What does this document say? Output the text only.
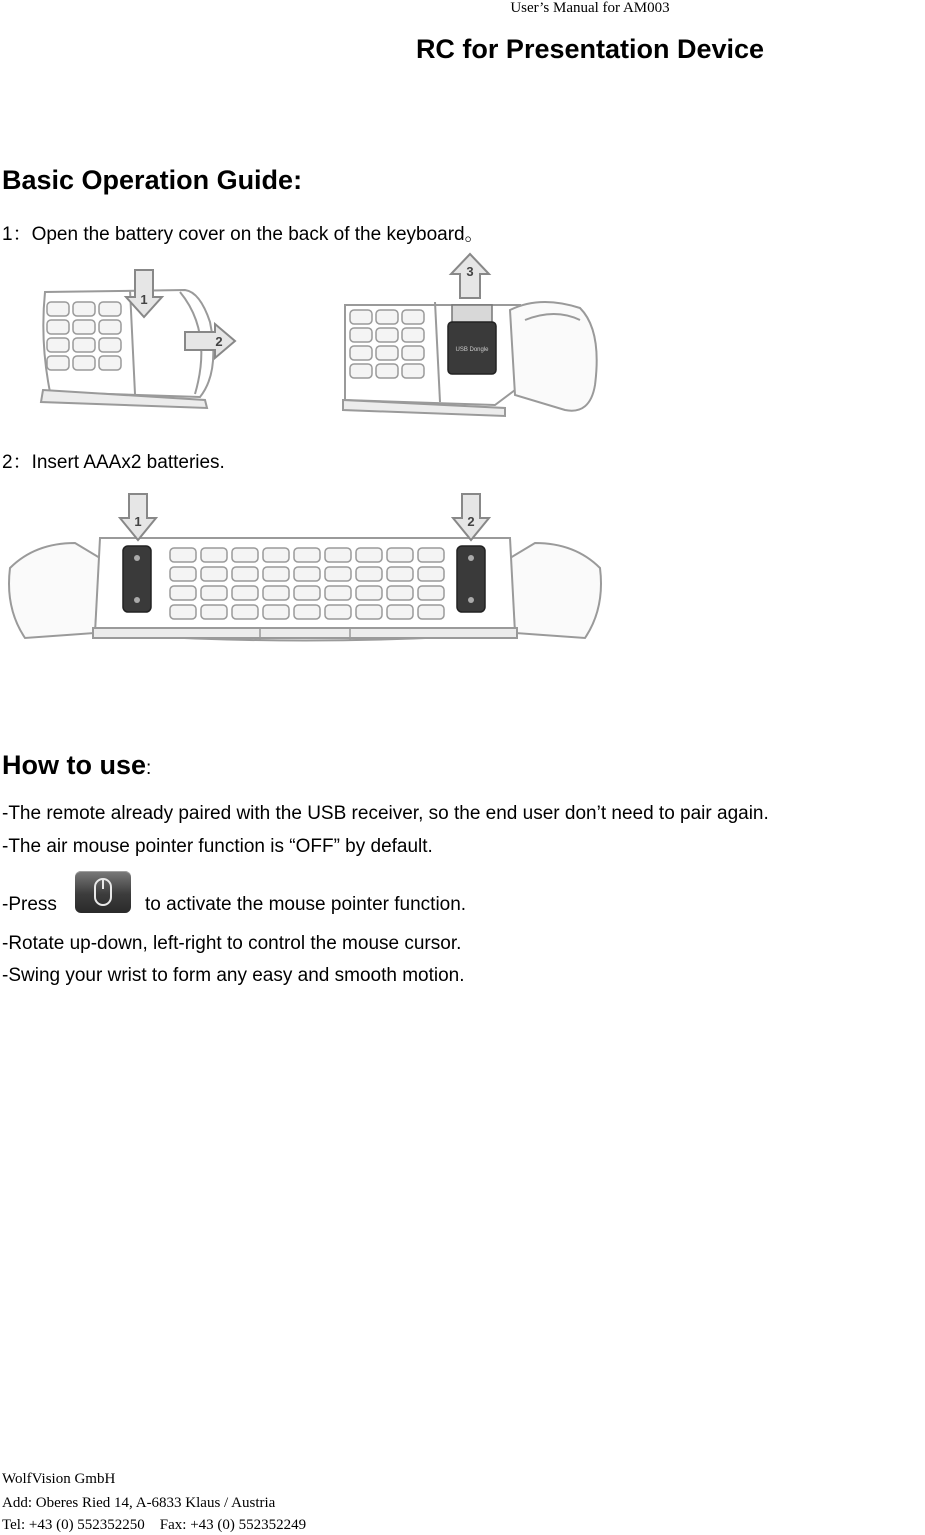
User’s Manual for AM003
RC for Presentation Device
Basic Operation Guide:
1：Open the battery cover on the back of the keyboard。
1
2
USB Dongle
3
2：Insert AAAx2 batteries.
1	2
How to use:
-The remote already paired with the USB receiver, so the end user don’t need to pair again.
-The air mouse pointer function is “OFF” by default.
-Press	to activate the mouse pointer function.
-Rotate up-down, left-right to control the mouse cursor.
-Swing your wrist to form any easy and smooth motion.
WolfVision GmbH
Add: Oberes Ried 14, A-6833 Klaus / Austria
Tel: +43 (0) 552352250    Fax: +43 (0) 552352249
